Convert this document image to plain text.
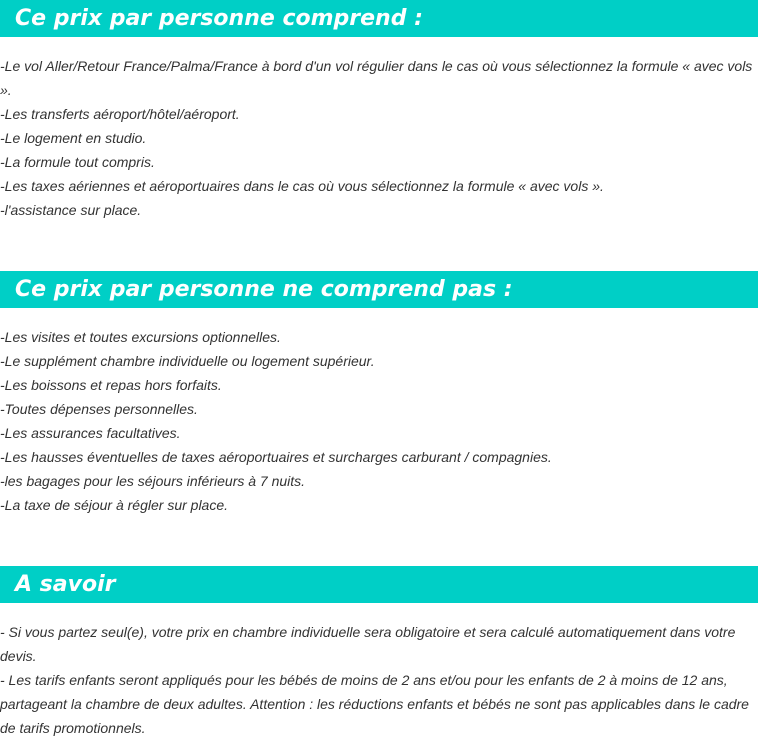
Ce prix par personne comprend :
-Le vol Aller/Retour France/Palma/France à bord d'un vol régulier dans le cas où vous sélectionnez la formule « avec vols ».
-Les transferts aéroport/hôtel/aéroport.
-Le logement en studio.
-La formule tout compris.
-Les taxes aériennes et aéroportuaires dans le cas où vous sélectionnez la formule « avec vols ».
-l'assistance sur place.
Ce prix par personne ne comprend pas :
-Les visites et toutes excursions optionnelles.
-Le supplément chambre individuelle ou logement supérieur.
-Les boissons et repas hors forfaits.
-Toutes dépenses personnelles.
-Les assurances facultatives.
-Les hausses éventuelles de taxes aéroportuaires et surcharges carburant / compagnies.
-les bagages pour les séjours inférieurs à 7 nuits.
-La taxe de séjour à régler sur place.
A savoir
- Si vous partez seul(e), votre prix en chambre individuelle sera obligatoire et sera calculé automatiquement dans votre devis.
- Les tarifs enfants seront appliqués pour les bébés de moins de 2 ans et/ou pour les enfants de 2 à moins de 12 ans, partageant la chambre de deux adultes. Attention : les réductions enfants et bébés ne sont pas applicables dans le cadre de tarifs promotionnels.
